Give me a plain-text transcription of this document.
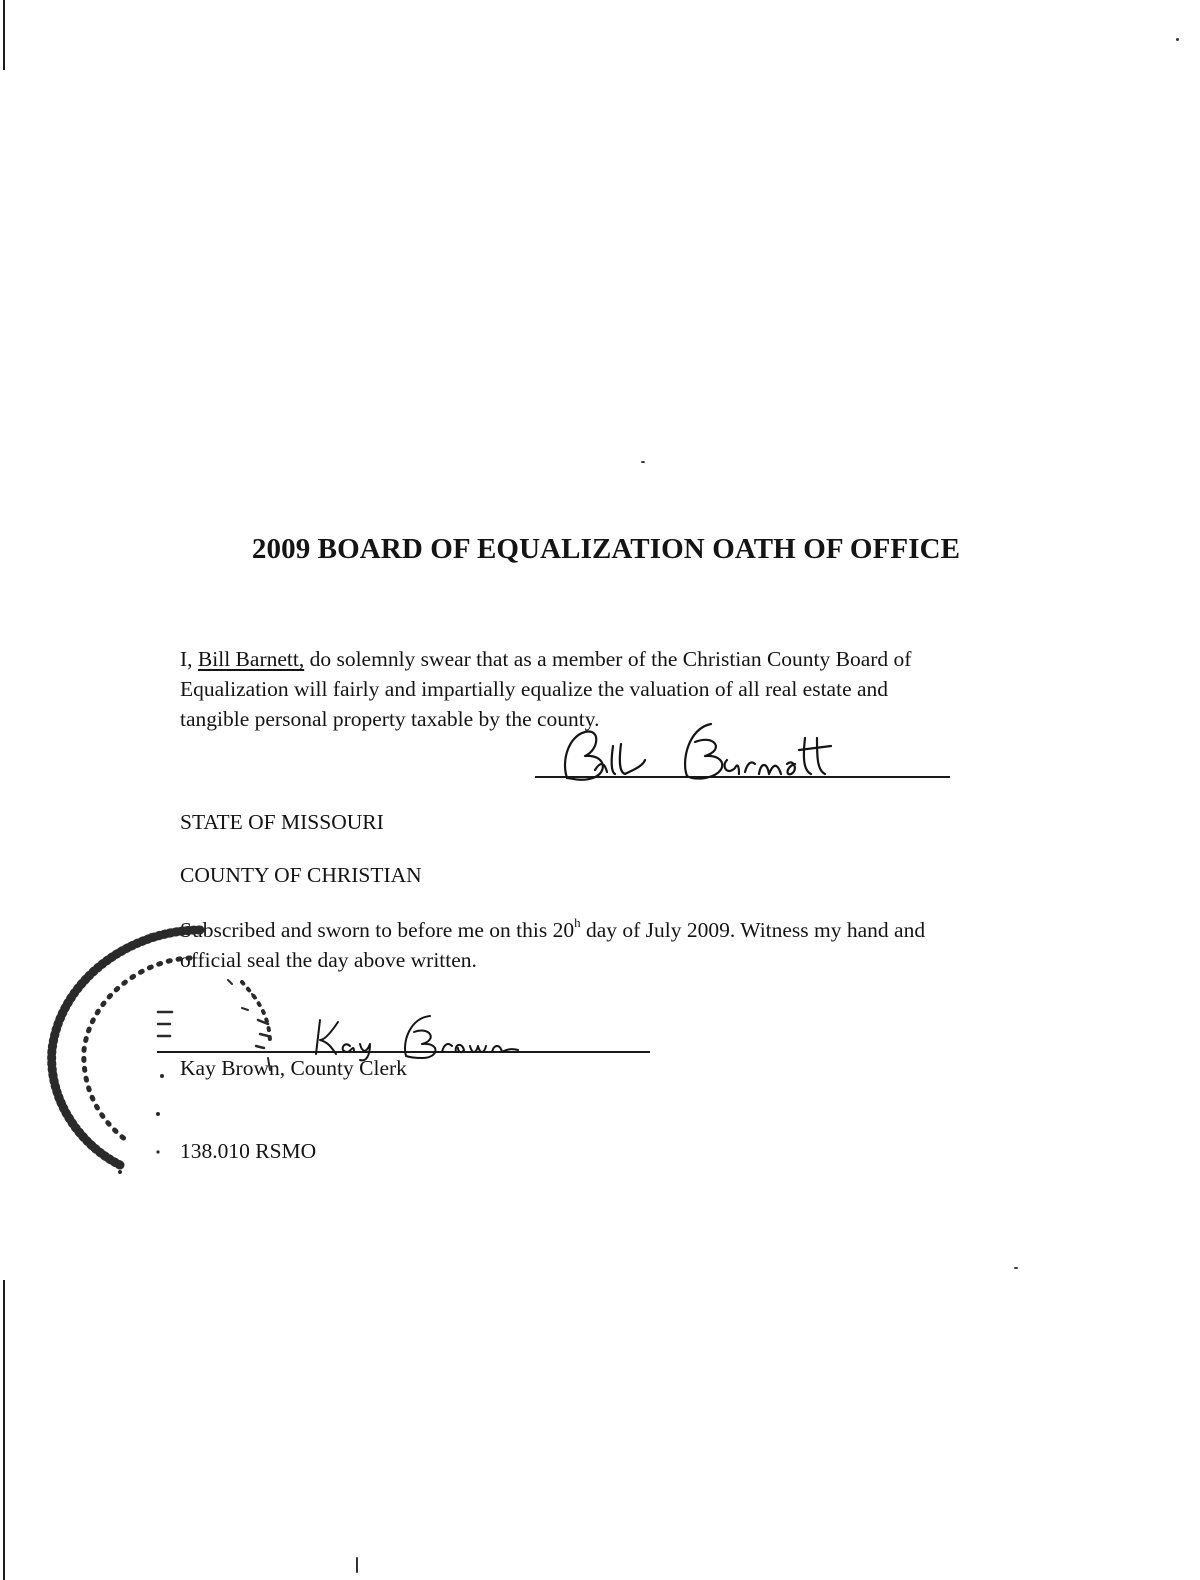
2009 BOARD OF EQUALIZATION OATH OF OFFICE
I, Bill Barnett, do solemnly swear that as a member of the Christian County Board of
Equalization will fairly and impartially equalize the valuation of all real estate and
tangible personal property taxable by the county.
STATE OF MISSOURI
COUNTY OF CHRISTIAN
Subscribed and sworn to before me on this 20$^h$ day of July 2009. Witness my hand and
official seal the day above written.
Kay Brown, County Clerk
138.010 RSMO
